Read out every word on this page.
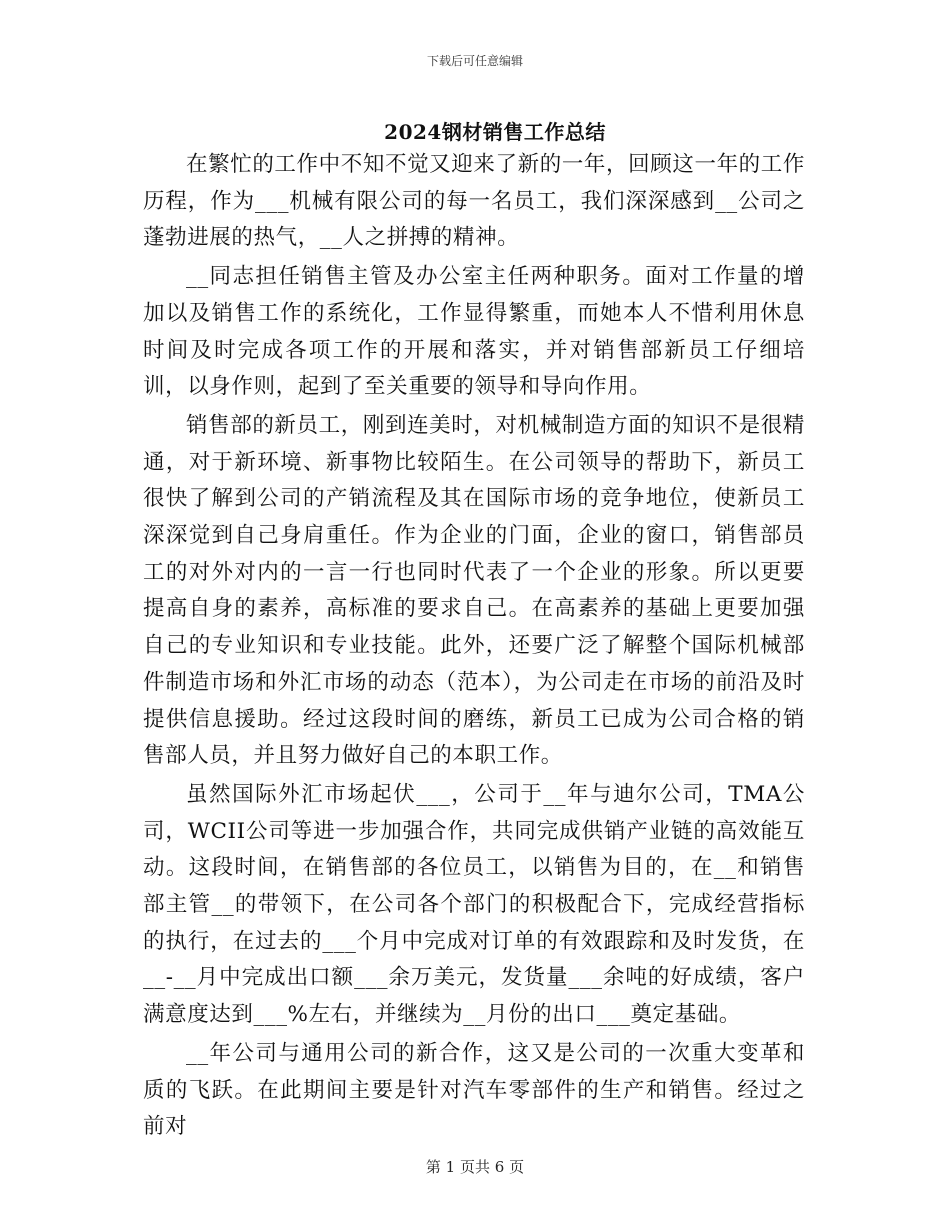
下载后可任意编辑
2024钢材销售工作总结

在繁忙的工作中不知不觉又迎来了新的一年，回顾这一年的工作历程，作为___机械有限公司的每一名员工，我们深深感到__公司之蓬勃进展的热气，__人之拼搏的精神。

__同志担任销售主管及办公室主任两种职务。面对工作量的增加以及销售工作的系统化，工作显得繁重，而她本人不惜利用休息时间及时完成各项工作的开展和落实，并对销售部新员工仔细培训，以身作则，起到了至关重要的领导和导向作用。

销售部的新员工，刚到连美时，对机械制造方面的知识不是很精通，对于新环境、新事物比较陌生。在公司领导的帮助下，新员工很快了解到公司的产销流程及其在国际市场的竞争地位，使新员工深深觉到自己身肩重任。作为企业的门面，企业的窗口，销售部员工的对外对内的一言一行也同时代表了一个企业的形象。所以更要提高自身的素养，高标准的要求自己。在高素养的基础上更要加强自己的专业知识和专业技能。此外，还要广泛了解整个国际机械部件制造市场和外汇市场的动态（范本），为公司走在市场的前沿及时提供信息援助。经过这段时间的磨练，新员工已成为公司合格的销售部人员，并且努力做好自己的本职工作。

虽然国际外汇市场起伏___，公司于__年与迪尔公司，TMA公司，WCII公司等进一步加强合作，共同完成供销产业链的高效能互动。这段时间，在销售部的各位员工，以销售为目的，在__和销售部主管__的带领下，在公司各个部门的积极配合下，完成经营指标的执行，在过去的___个月中完成对订单的有效跟踪和及时发货，在__-__月中完成出口额___余万美元，发货量___余吨的好成绩，客户满意度达到___%左右，并继续为__月份的出口___奠定基础。

__年公司与通用公司的新合作，这又是公司的一次重大变革和质的飞跃。在此期间主要是针对汽车零部件的生产和销售。经过之前对

第 1 页共 6 页
